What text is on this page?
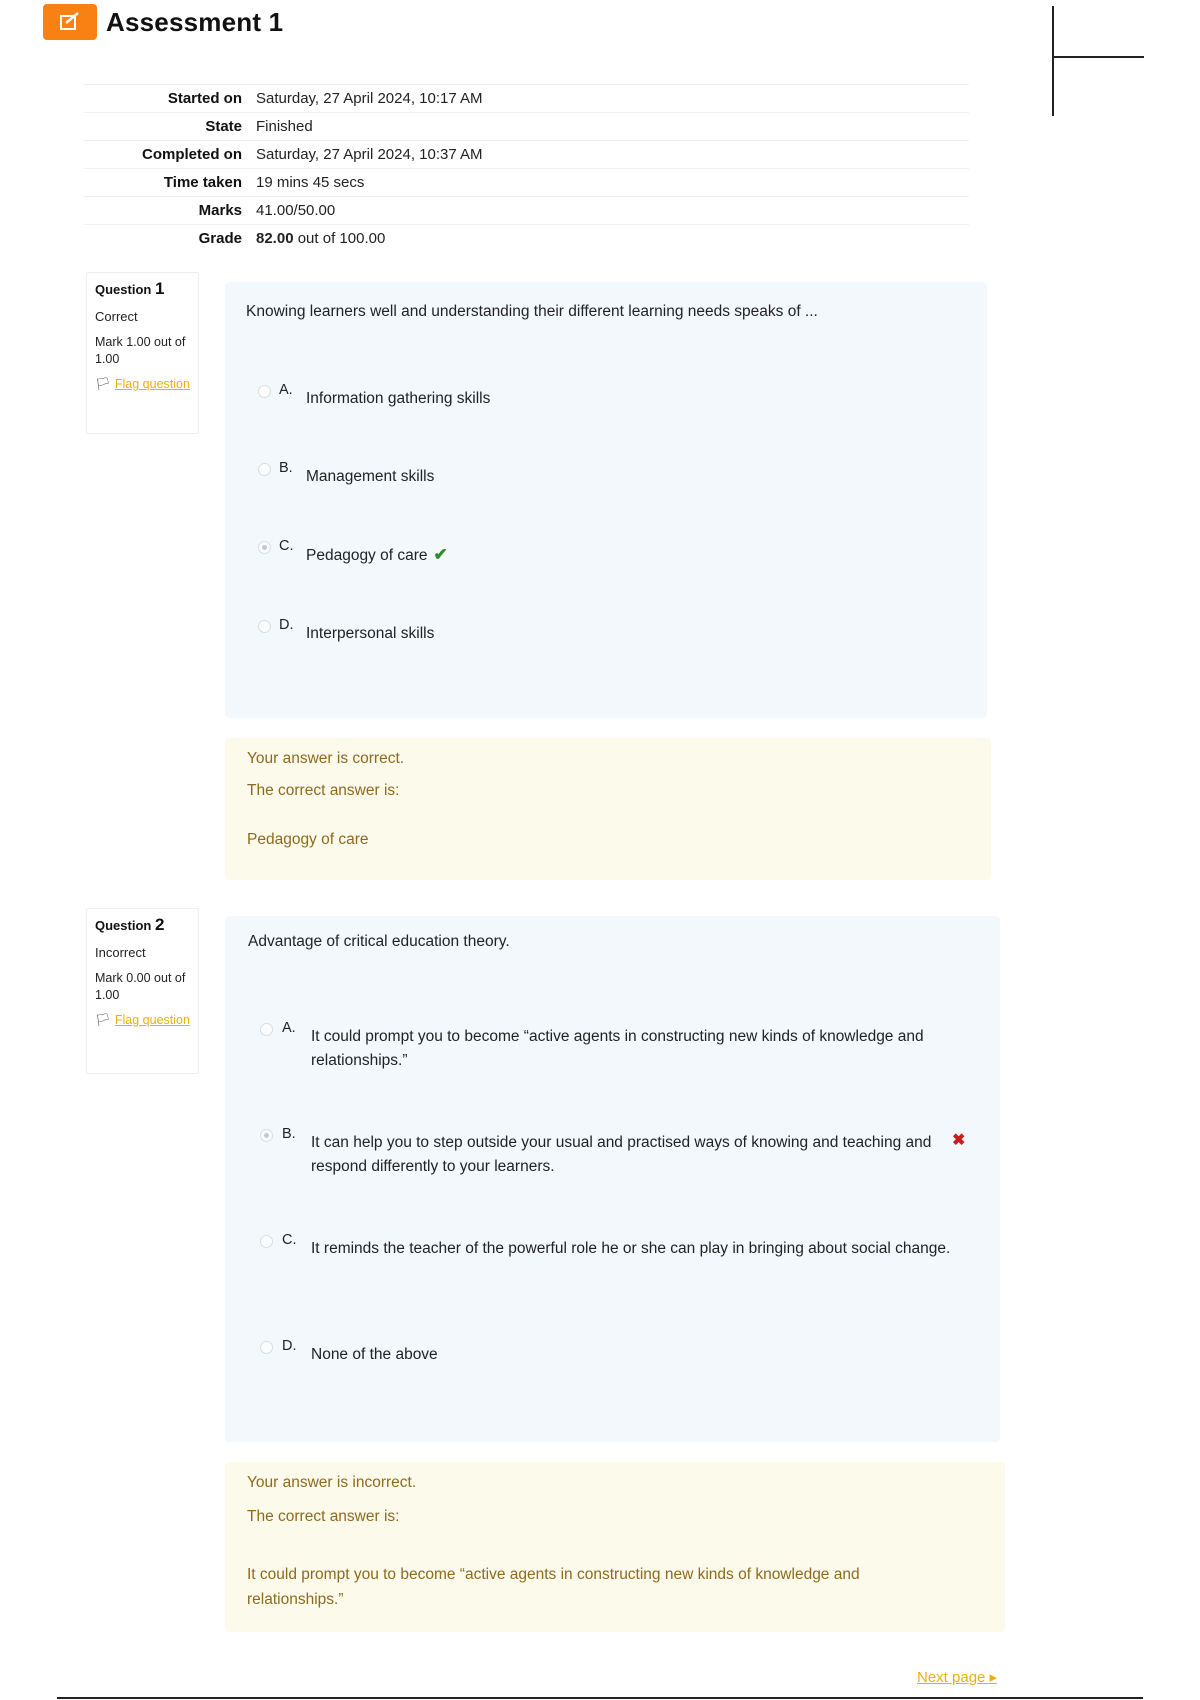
Assessment 1
Started on	Saturday, 27 April 2024, 10:17 AM
State	Finished
Completed on	Saturday, 27 April 2024, 10:37 AM
Time taken	19 mins 45 secs
Marks	41.00/50.00
Grade	82.00 out of 100.00
Question 1
Correct
Mark 1.00 out of 1.00
🏳︎ Flag question
Knowing learners well and understanding their different learning needs speaks of ...
A. Information gathering skills
B. Management skills
C.
Pedagogy of care ✔
D. Interpersonal skills
Your answer is correct.
The correct answer is:
Pedagogy of care
Question 2
Incorrect
Mark 0.00 out of 1.00
🏳︎ Flag question
Advantage of critical education theory.
A. It could prompt you to become “active agents in constructing new kinds of knowledge and relationships.”
B. It can help you to step outside your usual and practised ways of knowing and teaching and respond differently to your learners.
✖
C. It reminds the teacher of the powerful role he or she can play in bringing about social change.
D. None of the above
Your answer is incorrect.
The correct answer is:
It could prompt you to become “active agents in constructing new kinds of knowledge and relationships.”
Next page ▸
